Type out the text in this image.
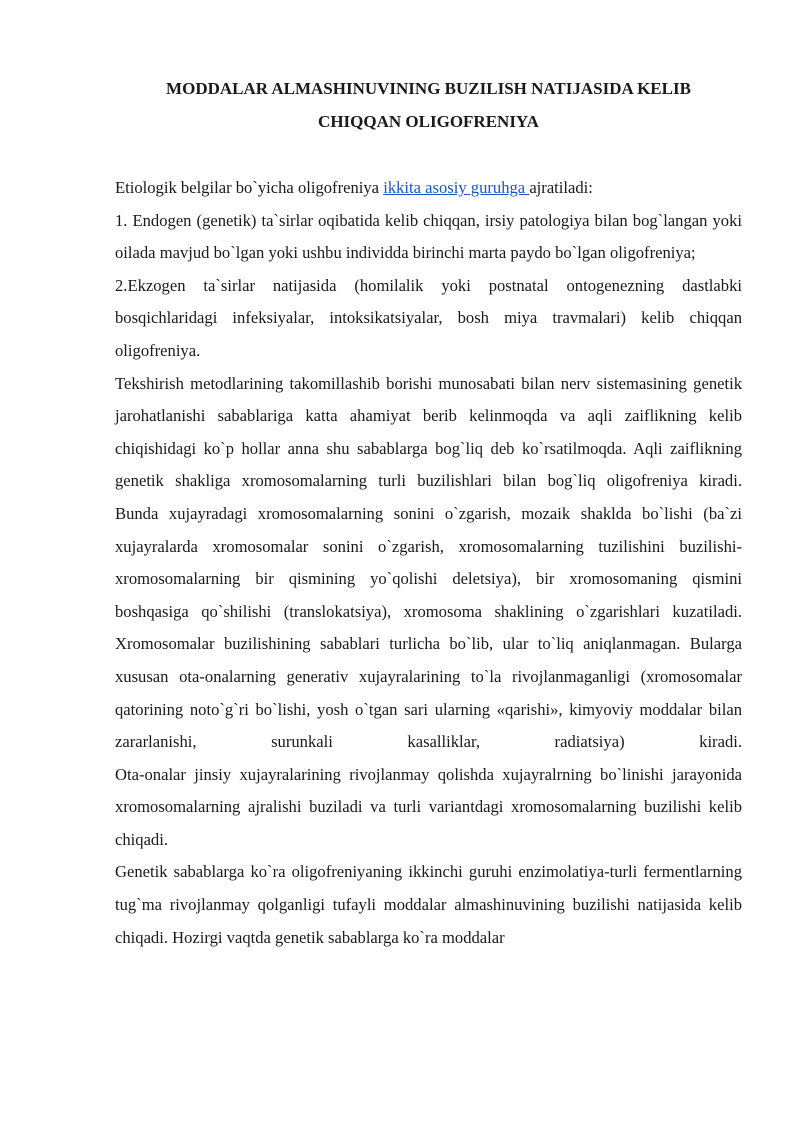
MODDALAR ALMASHINUVINING BUZILISH NATIJASIDA KELIB
CHIQQAN OLIGOFRENIYA

Etiologik belgilar bo`yicha oligofreniya ikkita asosiy guruhga ajratiladi:

1. Endogen (genetik) ta`sirlar oqibatida kelib chiqqan, irsiy patologiya bilan bog`langan yoki oilada mavjud bo`lgan yoki ushbu individda birinchi marta paydo bo`lgan oligofreniya;

2.Ekzogen ta`sirlar natijasida (homilalik yoki postnatal ontogenezning dastlabki bosqichlaridagi infeksiyalar, intoksikatsiyalar, bosh miya travmalari) kelib chiqqan oligofreniya.

Tekshirish metodlarining takomillashib borishi munosabati bilan nerv sistemasining genetik jarohatlanishi sabablariga katta ahamiyat berib kelinmoqda va aqli zaiflikning kelib chiqishidagi ko`p hollar anna shu sabablarga bog`liq deb ko`rsatilmoqda. Aqli zaiflikning genetik shakliga xromosomalarning turli buzilishlari bilan bog`liq oligofreniya kiradi.

Bunda xujayradagi xromosomalarning sonini o`zgarish, mozaik shaklda bo`lishi (ba`zi xujayralarda xromosomalar sonini o`zgarish, xromosomalarning tuzilishini buzilishi-xromosomalarning bir qismining yo`qolishi deletsiya), bir xromosomaning qismini boshqasiga qo`shilishi (translokatsiya), xromosoma shaklining o`zgarishlari kuzatiladi. Xromosomalar buzilishining sabablari turlicha bo`lib, ular to`liq aniqlanmagan. Bularga xususan ota-onalarning generativ xujayralarining to`la rivojlanmaganligi (xromosomalar qatorining noto`g`ri bo`lishi, yosh o`tgan sari ularning «qarishi», kimyoviy moddalar bilan zararlanishi, surunkali kasalliklar, radiatsiya) kiradi.

Ota-onalar jinsiy xujayralarining rivojlanmay qolishda xujayralrning bo`linishi jarayonida xromosomalarning ajralishi buziladi va turli variantdagi xromosomalarning buzilishi kelib chiqadi.

Genetik sabablarga ko`ra oligofreniyaning ikkinchi guruhi enzimolatiya-turli fermentlarning tug`ma rivojlanmay qolganligi tufayli moddalar almashinuvining buzilishi natijasida kelib chiqadi. Hozirgi vaqtda genetik sabablarga ko`ra moddalar
